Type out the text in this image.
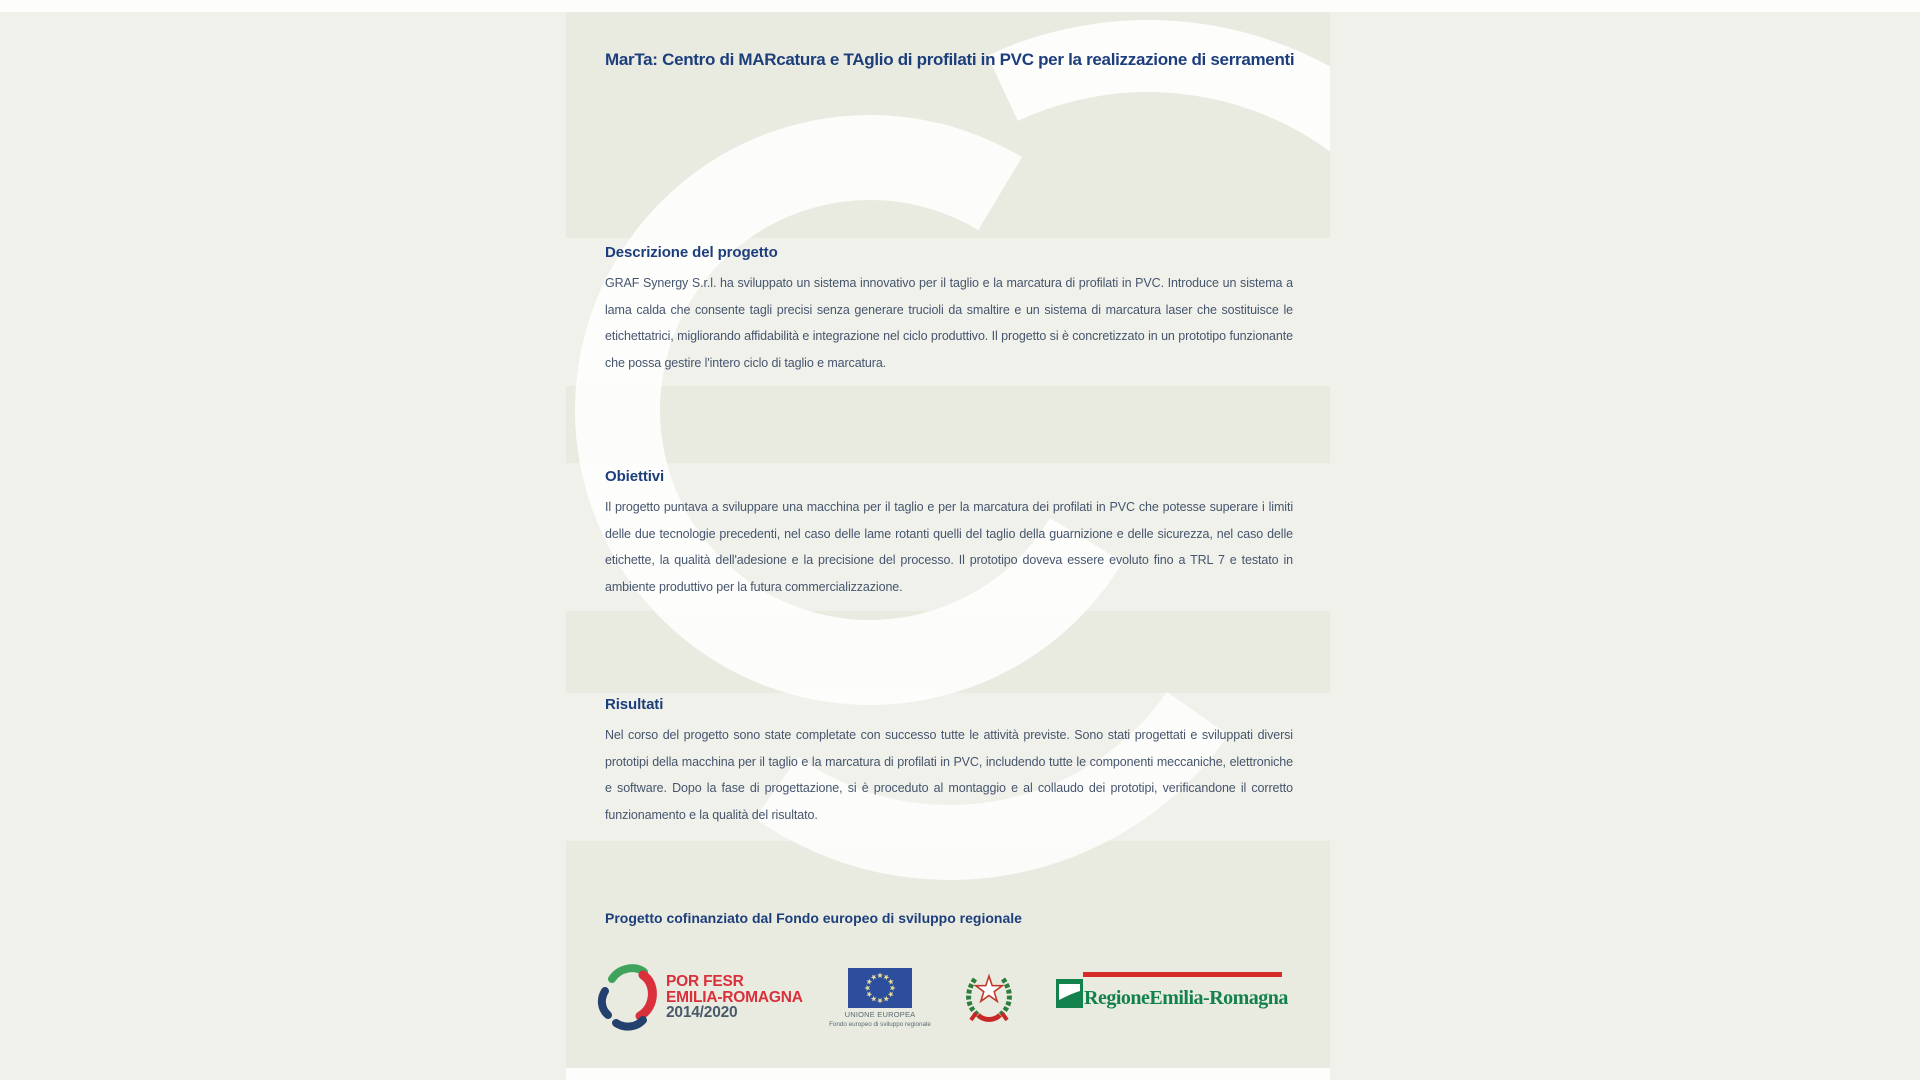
MarTa: Centro di MARcatura e TAglio di profilati in PVC per la realizzazione di serramenti
Descrizione del progetto
GRAF Synergy S.r.l. ha sviluppato un sistema innovativo per il taglio e la marcatura di profilati in PVC. Introduce un sistema a lama calda che consente tagli precisi senza generare trucioli da smaltire e un sistema di marcatura laser che sostituisce le etichettatrici, migliorando affidabilità e integrazione nel ciclo produttivo. Il progetto si è concretizzato in un prototipo funzionante che possa gestire l'intero ciclo di taglio e marcatura.
Obiettivi
Il progetto puntava a sviluppare una macchina per il taglio e per la marcatura dei profilati in PVC che potesse superare i limiti delle due tecnologie precedenti, nel caso delle lame rotanti quelli del taglio della guarnizione e delle sicurezza, nel caso delle etichette, la qualità dell'adesione e la precisione del processo. Il prototipo doveva essere evoluto fino a TRL 7 e testato in ambiente produttivo per la futura commercializzazione.
Risultati
Nel corso del progetto sono state completate con successo tutte le attività previste. Sono stati progettati e sviluppati diversi prototipi della macchina per il taglio e la marcatura di profilati in PVC, includendo tutte le componenti meccaniche, elettroniche e software. Dopo la fase di progettazione, si è proceduto al montaggio e al collaudo dei prototipi, verificandone il corretto funzionamento e la qualità del risultato.
Progetto cofinanziato dal Fondo europeo di sviluppo regionale
POR FESR
EMILIA-ROMAGNA
2014/2020	UNIONE EUROPEA
Fondo europeo di sviluppo regionale
RegioneEmilia-Romagna
